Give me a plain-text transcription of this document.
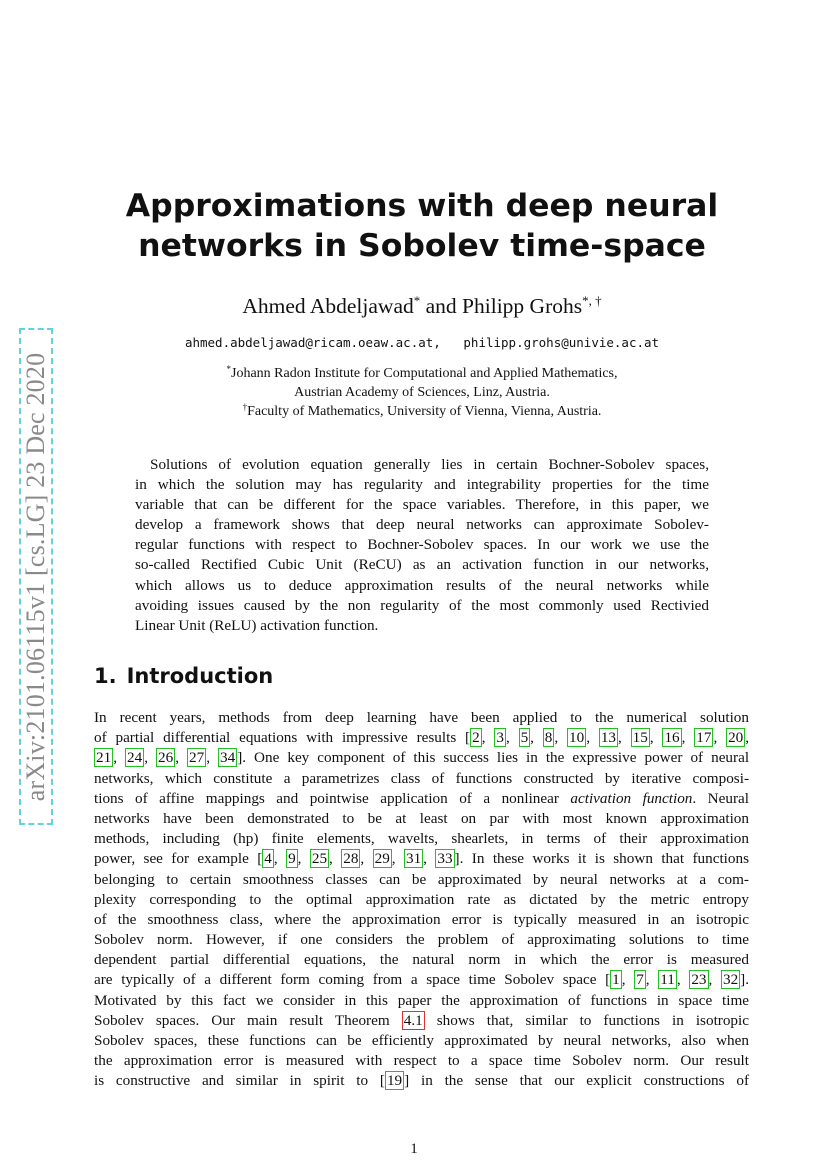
arXiv:2101.06115v1 [cs.LG] 23 Dec 2020
Approximations with deep neural
networks in Sobolev time-space
Ahmed Abdeljawad* and Philipp Grohs*, †
ahmed.abdeljawad@ricam.oeaw.ac.at, philipp.grohs@univie.ac.at
*Johann Radon Institute for Computational and Applied Mathematics,
Austrian Academy of Sciences, Linz, Austria.
†Faculty of Mathematics, University of Vienna, Vienna, Austria.
Solutions of evolution equation generally lies in certain Bochner-Sobolev spaces,
in which the solution may has regularity and integrability properties for the time
variable that can be different for the space variables. Therefore, in this paper, we
develop a framework shows that deep neural networks can approximate Sobolev-
regular functions with respect to Bochner-Sobolev spaces. In our work we use the
so-called Rectified Cubic Unit (ReCU) as an activation function in our networks,
which allows us to deduce approximation results of the neural networks while
avoiding issues caused by the non regularity of the most commonly used Rectivied
Linear Unit (ReLU) activation function.
1. Introduction
In recent years, methods from deep learning have been applied to the numerical solution
of partial differential equations with impressive results [ 2 , 3 , 5 , 8 , 10 , 13 , 15 , 16 , 17 , 20 ,
21 , 24 , 26 , 27 , 34 ]. One key component of this success lies in the expressive power of neural
networks, which constitute a parametrizes class of functions constructed by iterative composi-
tions of affine mappings and pointwise application of a nonlinear activation function. Neural
networks have been demonstrated to be at least on par with most known approximation
methods, including (hp) finite elements, wavelts, shearlets, in terms of their approximation
power, see for example [ 4 , 9 , 25 , 28 , 29 , 31 , 33 ]. In these works it is shown that functions
belonging to certain smoothness classes can be approximated by neural networks at a com-
plexity corresponding to the optimal approximation rate as dictated by the metric entropy
of the smoothness class, where the approximation error is typically measured in an isotropic
Sobolev norm. However, if one considers the problem of approximating solutions to time
dependent partial differential equations, the natural norm in which the error is measured
are typically of a different form coming from a space time Sobolev space [ 1 , 7 , 11 , 23 , 32 ].
Motivated by this fact we consider in this paper the approximation of functions in space time
Sobolev spaces. Our main result Theorem 4.1 shows that, similar to functions in isotropic
Sobolev spaces, these functions can be efficiently approximated by neural networks, also when
the approximation error is measured with respect to a space time Sobolev norm. Our result
is constructive and similar in spirit to [ 19 ] in the sense that our explicit constructions of
1
